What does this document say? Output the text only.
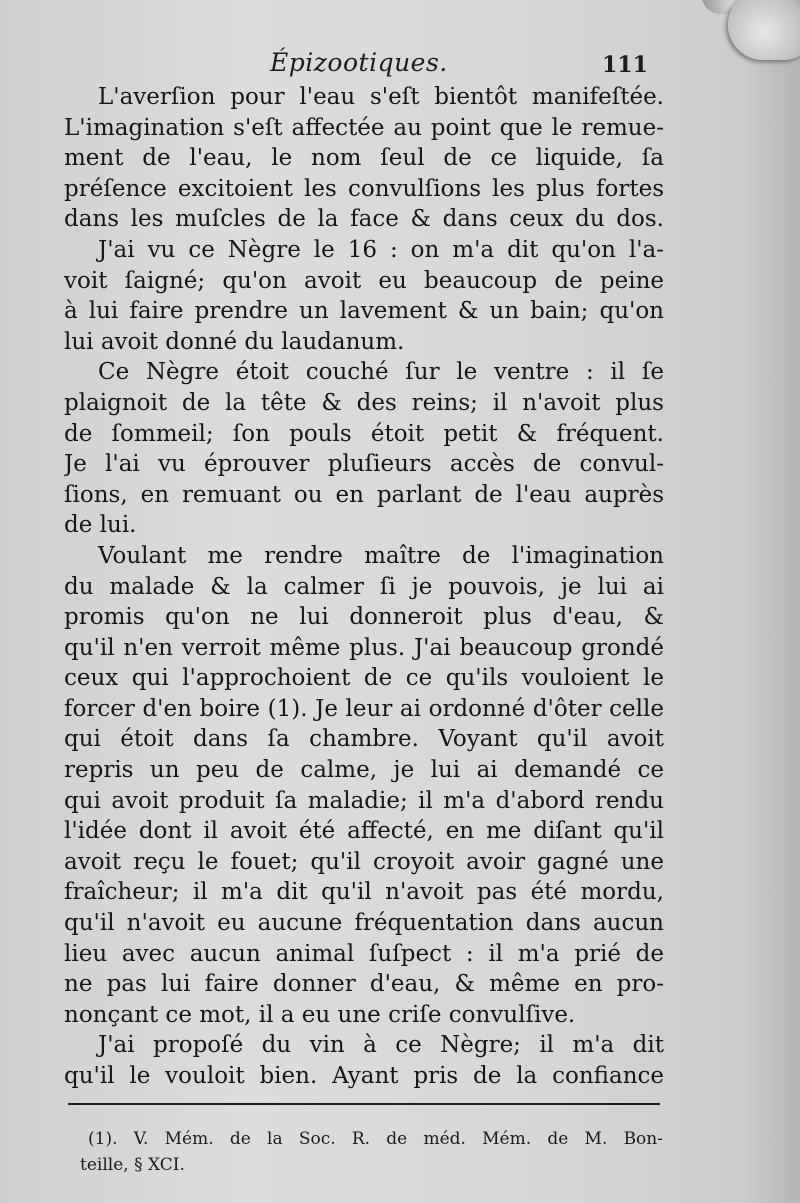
Épizootiques.	111
L'averſion pour l'eau s'eſt bientôt manifeſtée.
L'imagination s'eſt affectée au point que le remue-
ment de l'eau, le nom ſeul de ce liquide, ſa
préſence excitoient les convulſions les plus fortes
dans les muſcles de la face & dans ceux du dos.
J'ai vu ce Nègre le 16 : on m'a dit qu'on l'a-
voit ſaigné; qu'on avoit eu beaucoup de peine
à lui faire prendre un lavement & un bain; qu'on
lui avoit donné du laudanum.
Ce Nègre étoit couché ſur le ventre : il ſe
plaignoit de la tête & des reins; il n'avoit plus
de ſommeil; ſon pouls étoit petit & fréquent.
Je l'ai vu éprouver pluſieurs accès de convul-
ſions, en remuant ou en parlant de l'eau auprès
de lui.
Voulant me rendre maître de l'imagination
du malade & la calmer ſi je pouvois, je lui ai
promis qu'on ne lui donneroit plus d'eau, &
qu'il n'en verroit même plus. J'ai beaucoup grondé
ceux qui l'approchoient de ce qu'ils vouloient le
forcer d'en boire (1). Je leur ai ordonné d'ôter celle
qui étoit dans ſa chambre. Voyant qu'il avoit
repris un peu de calme, je lui ai demandé ce
qui avoit produit ſa maladie; il m'a d'abord rendu
l'idée dont il avoit été affecté, en me diſant qu'il
avoit reçu le fouet; qu'il croyoit avoir gagné une
fraîcheur; il m'a dit qu'il n'avoit pas été mordu,
qu'il n'avoit eu aucune fréquentation dans aucun
lieu avec aucun animal ſuſpect : il m'a prié de
ne pas lui faire donner d'eau, & même en pro-
nonçant ce mot, il a eu une criſe convulſive.
J'ai propoſé du vin à ce Nègre; il m'a dit
qu'il le vouloit bien. Ayant pris de la confiance
(1). V. Mém. de la Soc. R. de méd. Mém. de M. Bon-
teille, § XCI.
